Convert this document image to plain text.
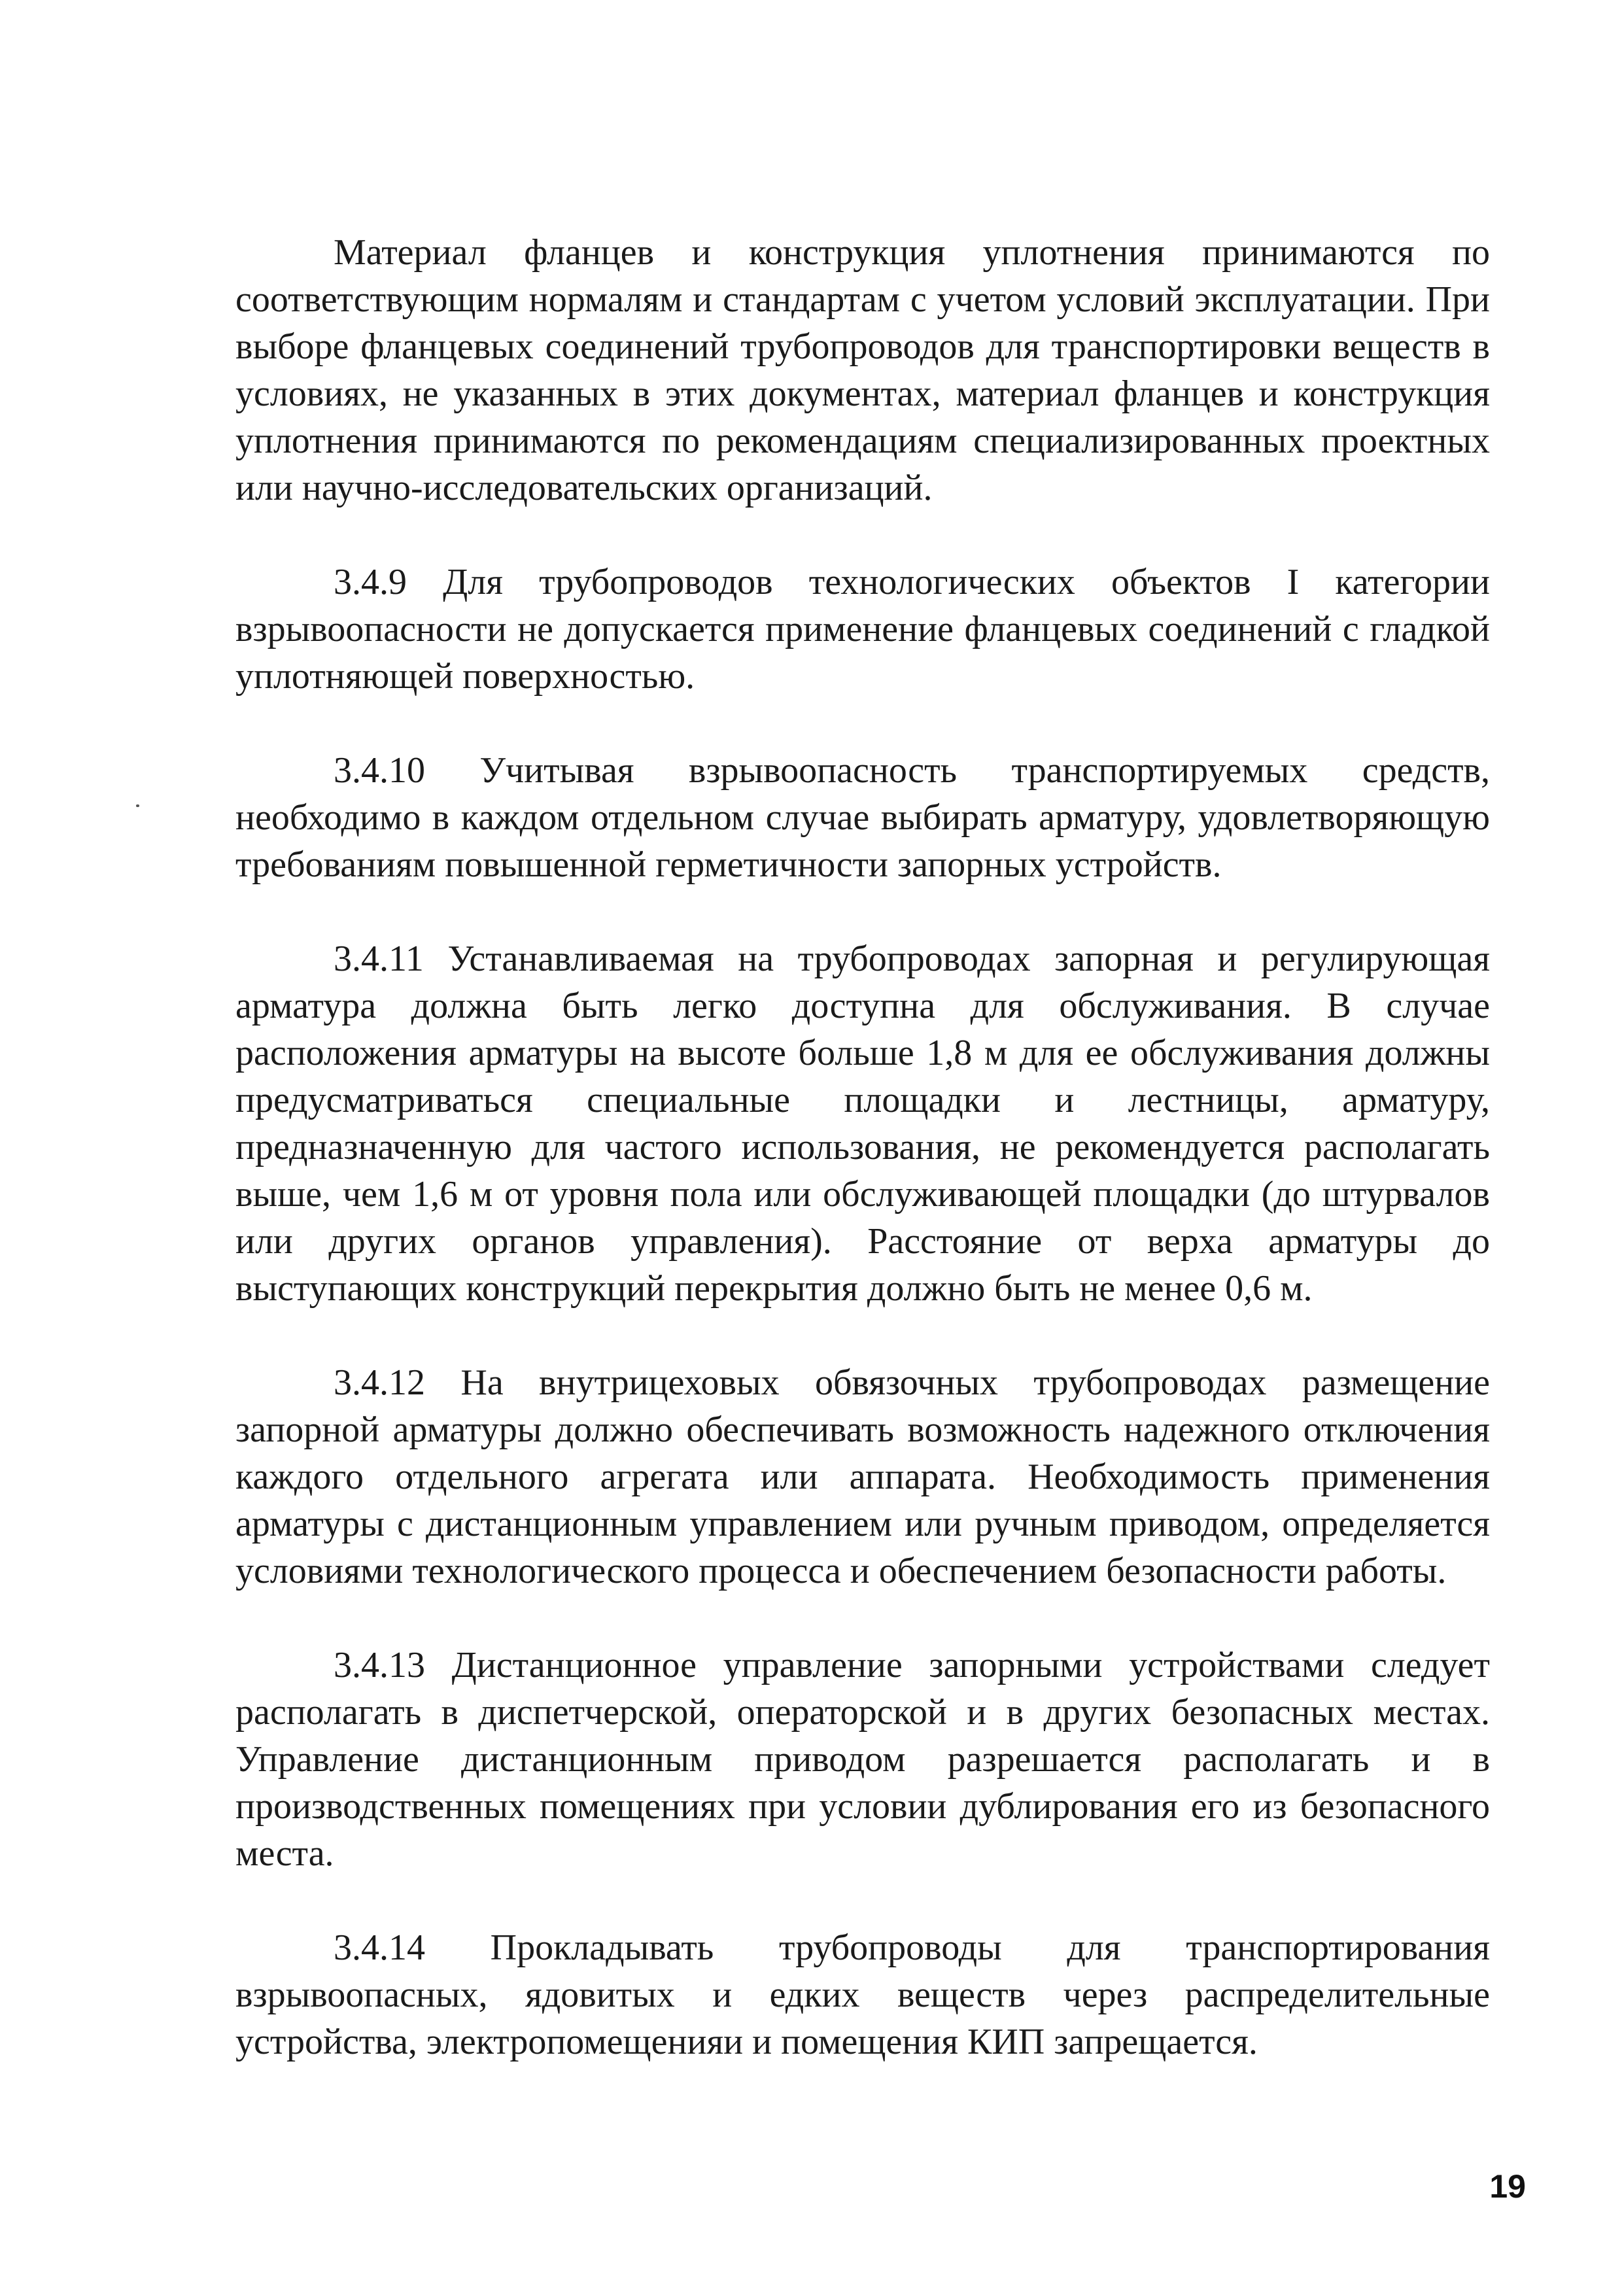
Материал фланцев и конструкция уплотнения принимаются по соответствующим нормалям и стандартам с учетом условий эксплуатации. При выборе фланцевых соединений трубопроводов для транспортировки веществ в условиях, не указанных в этих документах, материал фланцев и конструкция уплотнения принимаются по рекомендациям специализированных проектных или научно-исследовательских организаций.

3.4.9 Для трубопроводов технологических объектов I категории взрывоопасности не допускается применение фланцевых соединений с гладкой уплотняющей поверхностью.

3.4.10 Учитывая взрывоопасность транспортируемых средств, необходимо в каждом отдельном случае выбирать арматуру, удовлетворяющую требованиям повышенной герметичности запорных устройств.

3.4.11 Устанавливаемая на трубопроводах запорная и регулирующая арматура должна быть легко доступна для обслуживания. В случае расположения арматуры на высоте больше 1,8 м для ее обслуживания должны предусматриваться специальные площадки и лестницы, арматуру, предназначенную для частого использования, не рекомендуется располагать выше, чем 1,6 м от уровня пола или обслуживающей площадки (до штурвалов или других органов управления). Расстояние от верха арматуры до выступающих конструкций перекрытия должно быть не менее 0,6 м.

3.4.12 На внутрицеховых обвязочных трубопроводах размещение запорной арматуры должно обеспечивать возможность надежного отключения каждого отдельного агрегата или аппарата. Необходимость применения арматуры с дистанционным управлением или ручным приводом, определяется условиями технологического процесса и обеспечением безопасности работы.

3.4.13 Дистанционное управление запорными устройствами следует располагать в диспетчерской, операторской и в других безопасных местах. Управление дистанционным приводом разрешается располагать и в производственных помещениях при условии дублирования его из безопасного места.

3.4.14 Прокладывать трубопроводы для транспортирования взрывоопасных, ядовитых и едких веществ через распределительные устройства, электропомещенияи и помещения КИП запрещается.

19
